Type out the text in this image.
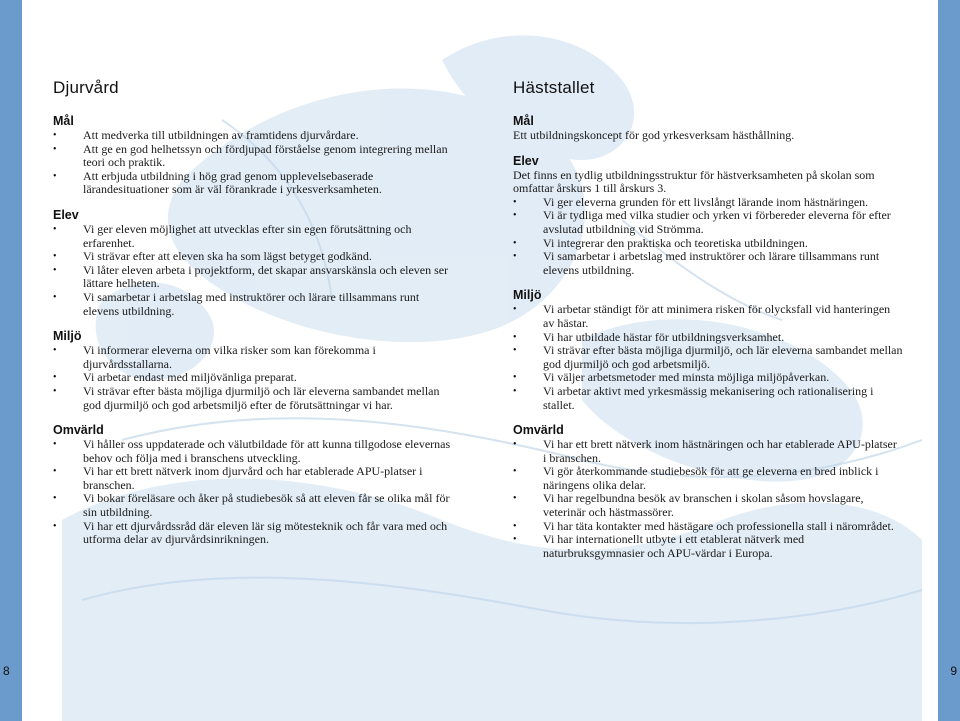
Djurvård
Mål
• Att medverka till utbildningen av framtidens djurvårdare.
• Att ge en god helhetssyn och fördjupad förståelse genom integrering mellan teori och praktik.
• Att erbjuda utbildning i hög grad genom upplevelsebaserade lärandesituationer som är väl förankrade i yrkesverksamheten.
Elev
• Vi ger eleven möjlighet att utvecklas efter sin egen förutsättning och erfarenhet.
• Vi strävar efter att eleven ska ha som lägst betyget godkänd.
• Vi låter eleven arbeta i projektform, det skapar ansvarskänsla och eleven ser lättare helheten.
• Vi samarbetar i arbetslag med instruktörer och lärare tillsammans runt elevens utbildning.
Miljö
• Vi informerar eleverna om vilka risker som kan förekomma i djurvårdsstallarna.
• Vi arbetar endast med miljövänliga preparat.
• Vi strävar efter bästa möjliga djurmiljö och lär eleverna sambandet mellan god djurmiljö och god arbetsmiljö efter de förutsättningar vi har.
Omvärld
• Vi håller oss uppdaterade och välutbildade för att kunna tillgodose elevernas behov och följa med i branschens utveckling.
• Vi har ett brett nätverk inom djurvård och har etablerade APU-platser i branschen.
• Vi bokar föreläsare och åker på studiebesök så att eleven får se olika mål för sin utbildning.
• Vi har ett djurvårdssråd där eleven lär sig mötesteknik och får vara med och utforma delar av djurvårdsinrikningen.
Häststallet
Mål

Ett utbildningskoncept för god yrkesverksam hästhållning.

Elev

Det finns en tydlig utbildningsstruktur för hästverksamheten på skolan som omfattar årskurs 1 till årskurs 3.

• Vi ger eleverna grunden för ett livslångt lärande inom hästnäringen.
• Vi är tydliga med vilka studier och yrken vi förbereder eleverna för efter avslutad utbildning vid Strömma.
• Vi integrerar den praktiska och teoretiska utbildningen.
• Vi samarbetar i arbetslag med instruktörer och lärare tillsammans runt elevens utbildning.
Miljö
• Vi arbetar ständigt för att minimera risken för olycksfall vid hanteringen av hästar.
• Vi har utbildade hästar för utbildningsverksamhet.
• Vi strävar efter bästa möjliga djurmiljö, och lär eleverna sambandet mellan god djurmiljö och god arbetsmiljö.
• Vi väljer arbetsmetoder med minsta möjliga miljöpåverkan.
• Vi arbetar aktivt med yrkesmässig mekanisering och rationalisering i stallet.
Omvärld
• Vi har ett brett nätverk inom hästnäringen och har etablerade APU-platser i branschen.
• Vi gör återkommande studiebesök för att ge eleverna en bred inblick i näringens olika delar.
• Vi har regelbundna besök av branschen i skolan såsom hovslagare, veterinär och hästmassörer.
• Vi har täta kontakter med hästägare och professionella stall i närområdet.
• Vi har internationellt utbyte i ett etablerat nätverk med naturbruksgymnasier och APU-värdar i Europa.
8	9
